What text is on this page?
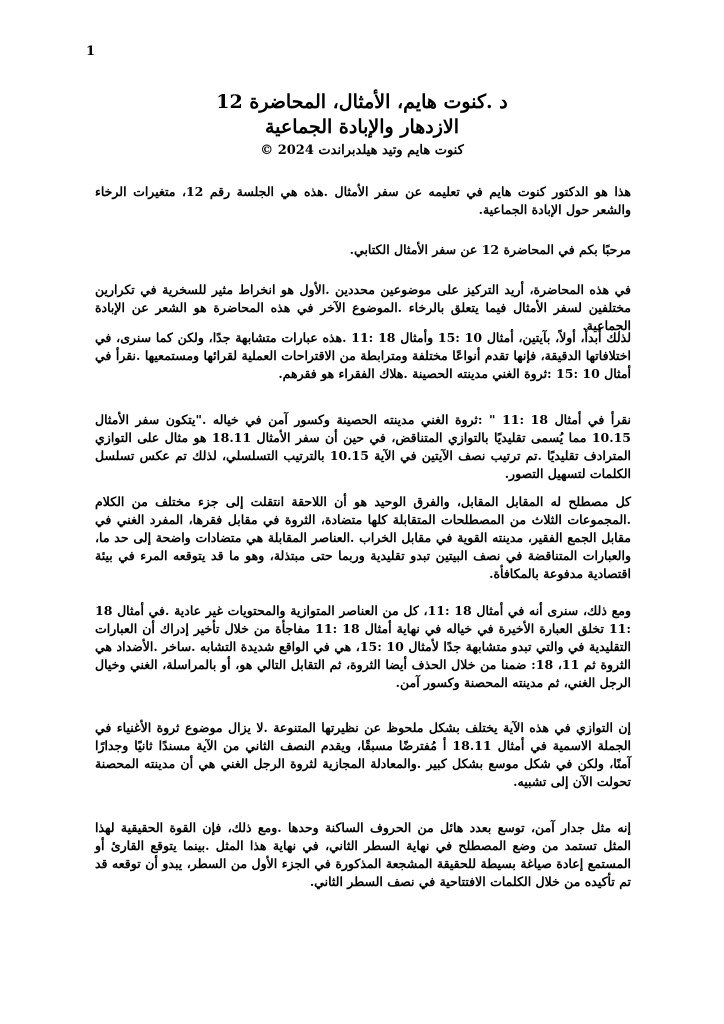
1
د .كنوت هايم، الأمثال، المحاضرة 12
الازدهار والإبادة الجماعية
كنوت هايم وتيد هيلدبراندت 2024 ©

هذا هو الدكتور كنوت هايم في تعليمه عن سفر الأمثال .هذه هي الجلسة رقم 12، متغيرات الرخاء والشعر حول الإبادة الجماعية.

مرحبًا بكم في المحاضرة 12 عن سفر الأمثال الكتابي.

في هذه المحاضرة، أريد التركيز على موضوعين محددين .الأول هو انخراط مثير للسخرية في تكرارين مختلفين لسفر الأمثال فيما يتعلق بالرخاء .الموضوع الآخر في هذه المحاضرة هو الشعر عن الإبادة الجماعية.

لذلك أبدأ، أولاً، بآيتين، أمثال 10 :15 وأمثال 18 :11 .هذه عبارات متشابهة جدًا، ولكن كما سنرى، في اختلافاتها الدقيقة، فإنها تقدم أنواعًا مختلفة ومترابطة من الاقتراحات العملية لقرائها ومستمعيها .نقرأ في أمثال 10 :15 :ثروة الغني مدينته الحصينة .هلاك الفقراء هو فقرهم.

نقرأ في أمثال 18 :11 " :ثروة الغني مدينته الحصينة وكسور آمن في خياله ."يتكون سفر الأمثال 10.15 مما يُسمى تقليديًا بالتوازي المتناقض، في حين أن سفر الأمثال 18.11 هو مثال على التوازي المترادف تقليديًا .تم ترتيب نصف الآيتين في الآية 10.15 بالترتيب التسلسلي، لذلك تم عكس تسلسل الكلمات لتسهيل التصور.

كل مصطلح له المقابل المقابل، والفرق الوحيد هو أن اللاحقة انتقلت إلى جزء مختلف من الكلام .المجموعات الثلاث من المصطلحات المتقابلة كلها متضادة، الثروة في مقابل فقرها، المفرد الغني في مقابل الجمع الفقير، مدينته القوية في مقابل الخراب .العناصر المقابلة هي متضادات واضحة إلى حد ما، والعبارات المتناقضة في نصف البيتين تبدو تقليدية وربما حتى مبتذلة، وهو ما قد يتوقعه المرء في بيئة اقتصادية مدفوعة بالمكافأة.

ومع ذلك، سنرى أنه في أمثال 18 :11، كل من العناصر المتوازية والمحتويات غير عادية .في أمثال 18 :11 تخلق العبارة الأخيرة في خياله في نهاية أمثال 18 :11 مفاجأة من خلال تأخير إدراك أن العبارات التقليدية في والتي تبدو متشابهة جدًا لأمثال 10 :15، هي في الواقع شديدة التشابه .ساخر .الأضداد هي الثروة ثم 11، 18: ضمنا من خلال الحذف أيضا الثروة، ثم التقابل التالي هو، أو بالمراسلة، الغني وخيال الرجل الغني، ثم مدينته المحصنة وكسور آمن.

إن التوازي في هذه الآية يختلف بشكل ملحوظ عن نظيرتها المتنوعة .لا يزال موضوع ثروة الأغنياء في الجملة الاسمية في أمثال 18.11 أ مُفترضًا مسبقًا، ويقدم النصف الثاني من الآية مسندًا ثانيًا وجدارًا آمنًا، ولكن في شكل موسع بشكل كبير .والمعادلة المجازية لثروة الرجل الغني هي أن مدينته المحصنة تحولت الآن إلى تشبيه.

إنه مثل جدار آمن، توسع بعدد هائل من الحروف الساكنة وحدها .ومع ذلك، فإن القوة الحقيقية لهذا المثل تستمد من وضع المصطلح في نهاية السطر الثاني، في نهاية هذا المثل .بينما يتوقع القارئ أو المستمع إعادة صياغة بسيطة للحقيقة المشجعة المذكورة في الجزء الأول من السطر، يبدو أن توقعه قد تم تأكيده من خلال الكلمات الافتتاحية في نصف السطر الثاني.
